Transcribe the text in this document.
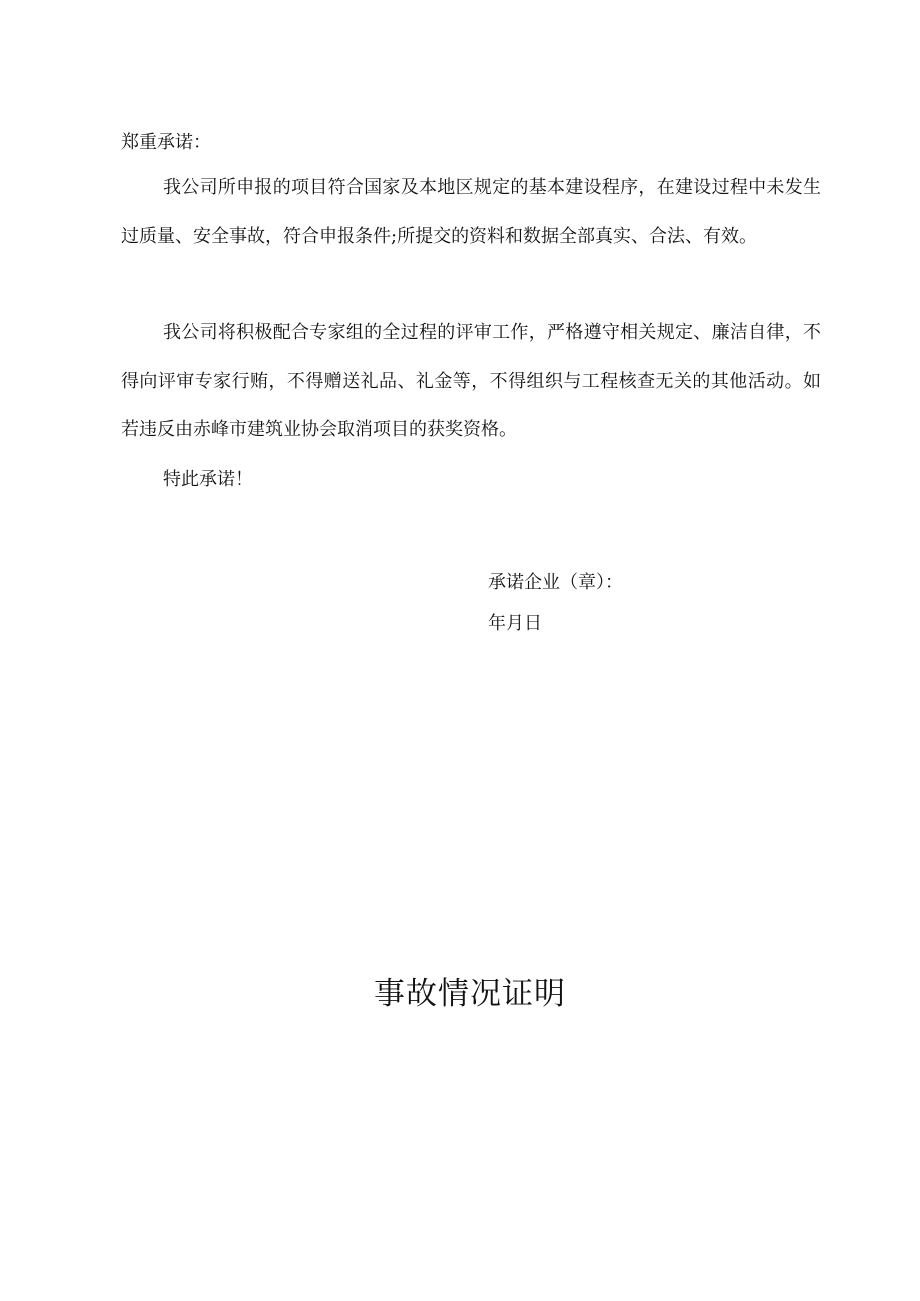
郑重承诺：

我公司所申报的项目符合国家及本地区规定的基本建设程序，在建设过程中未发生过质量、安全事故，符合申报条件;所提交的资料和数据全部真实、合法、有效。

我公司将积极配合专家组的全过程的评审工作，严格遵守相关规定、廉洁自律，不得向评审专家行贿，不得赠送礼品、礼金等，不得组织与工程核查无关的其他活动。如若违反由赤峰市建筑业协会取消项目的获奖资格。

特此承诺！
承诺企业（章）：
年月日
事故情况证明
